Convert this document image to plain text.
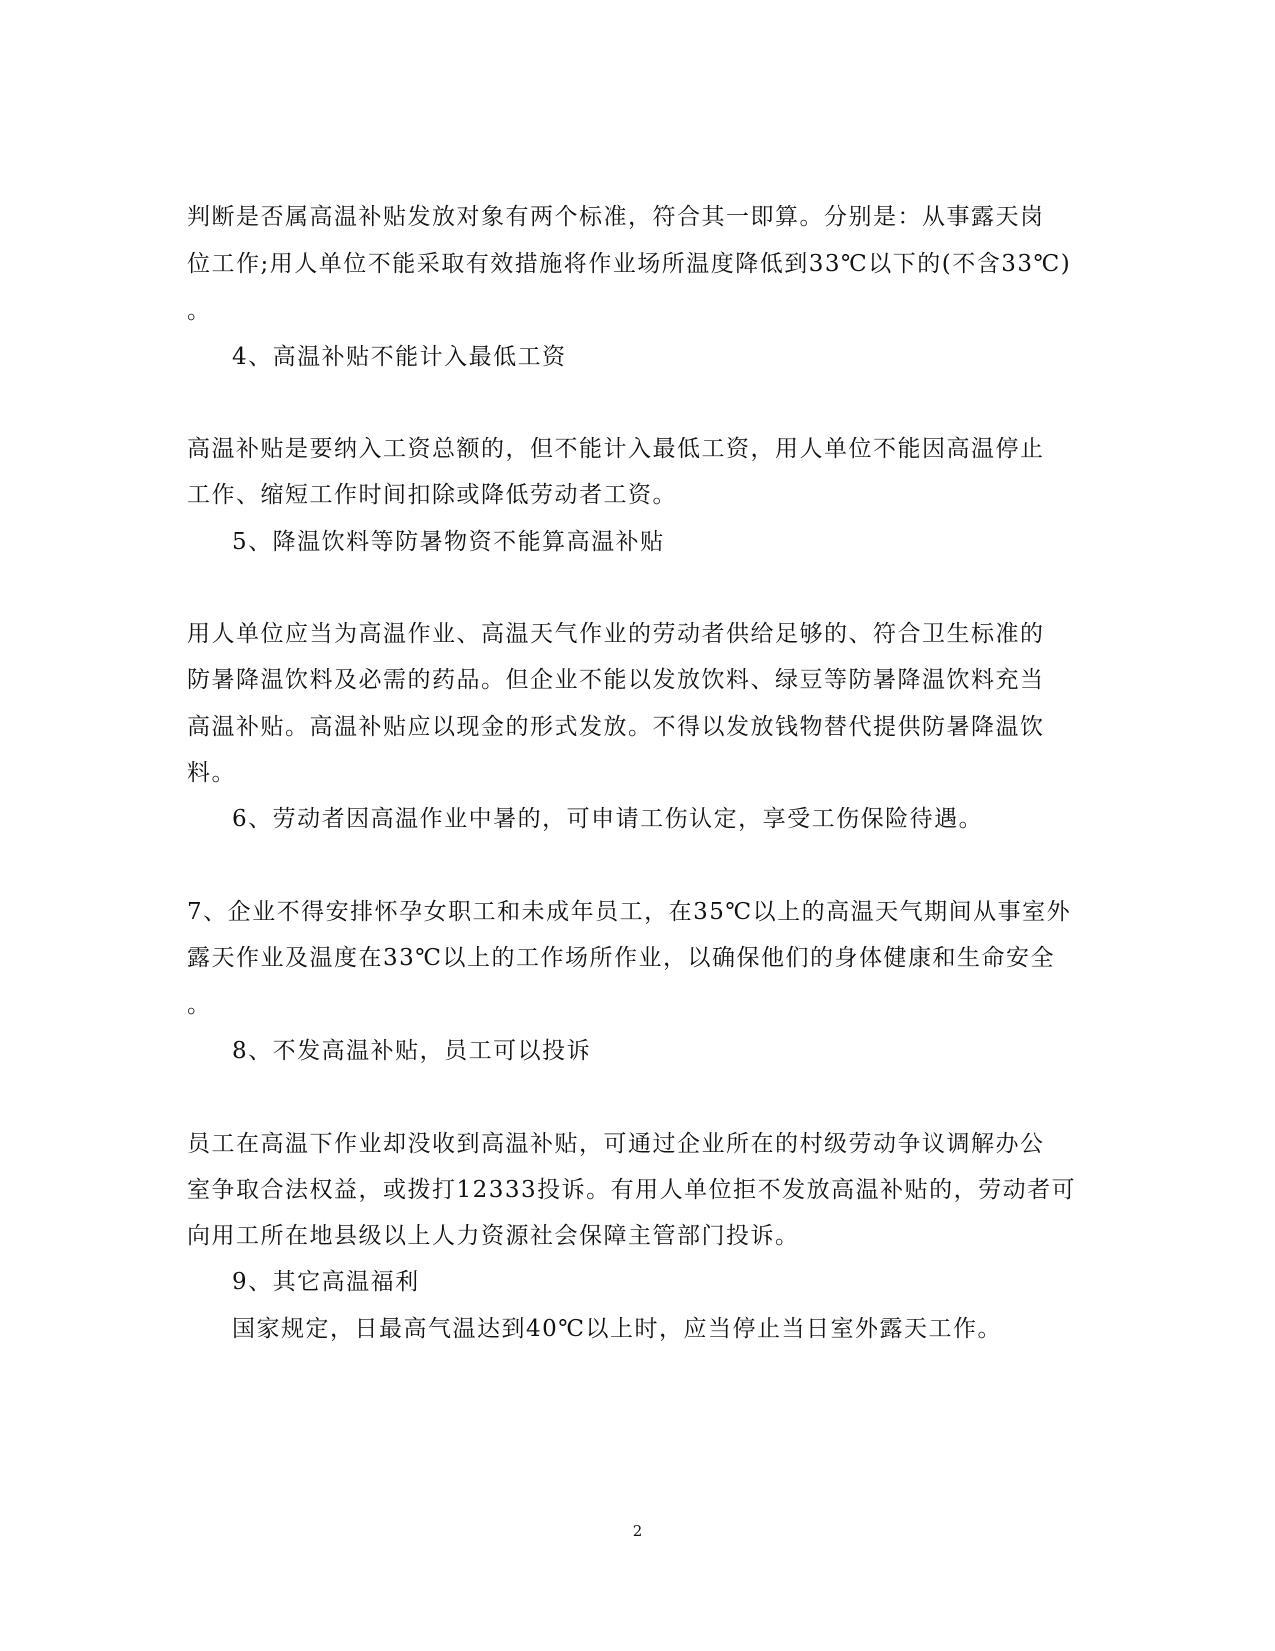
判断是否属高温补贴发放对象有两个标准，符合其一即算。分别是：从事露天岗
位工作;用人单位不能采取有效措施将作业场所温度降低到33℃以下的(不含33℃)
。
4、高温补贴不能计入最低工资
高温补贴是要纳入工资总额的，但不能计入最低工资，用人单位不能因高温停止
工作、缩短工作时间扣除或降低劳动者工资。
5、降温饮料等防暑物资不能算高温补贴
用人单位应当为高温作业、高温天气作业的劳动者供给足够的、符合卫生标准的
防暑降温饮料及必需的药品。但企业不能以发放饮料、绿豆等防暑降温饮料充当
高温补贴。高温补贴应以现金的形式发放。不得以发放钱物替代提供防暑降温饮
料。
6、劳动者因高温作业中暑的，可申请工伤认定，享受工伤保险待遇。
7、企业不得安排怀孕女职工和未成年员工，在35℃以上的高温天气期间从事室外
露天作业及温度在33℃以上的工作场所作业，以确保他们的身体健康和生命安全
。
8、不发高温补贴，员工可以投诉
员工在高温下作业却没收到高温补贴，可通过企业所在的村级劳动争议调解办公
室争取合法权益，或拨打12333投诉。有用人单位拒不发放高温补贴的，劳动者可
向用工所在地县级以上人力资源社会保障主管部门投诉。
9、其它高温福利
国家规定，日最高气温达到40℃以上时，应当停止当日室外露天工作。
2
